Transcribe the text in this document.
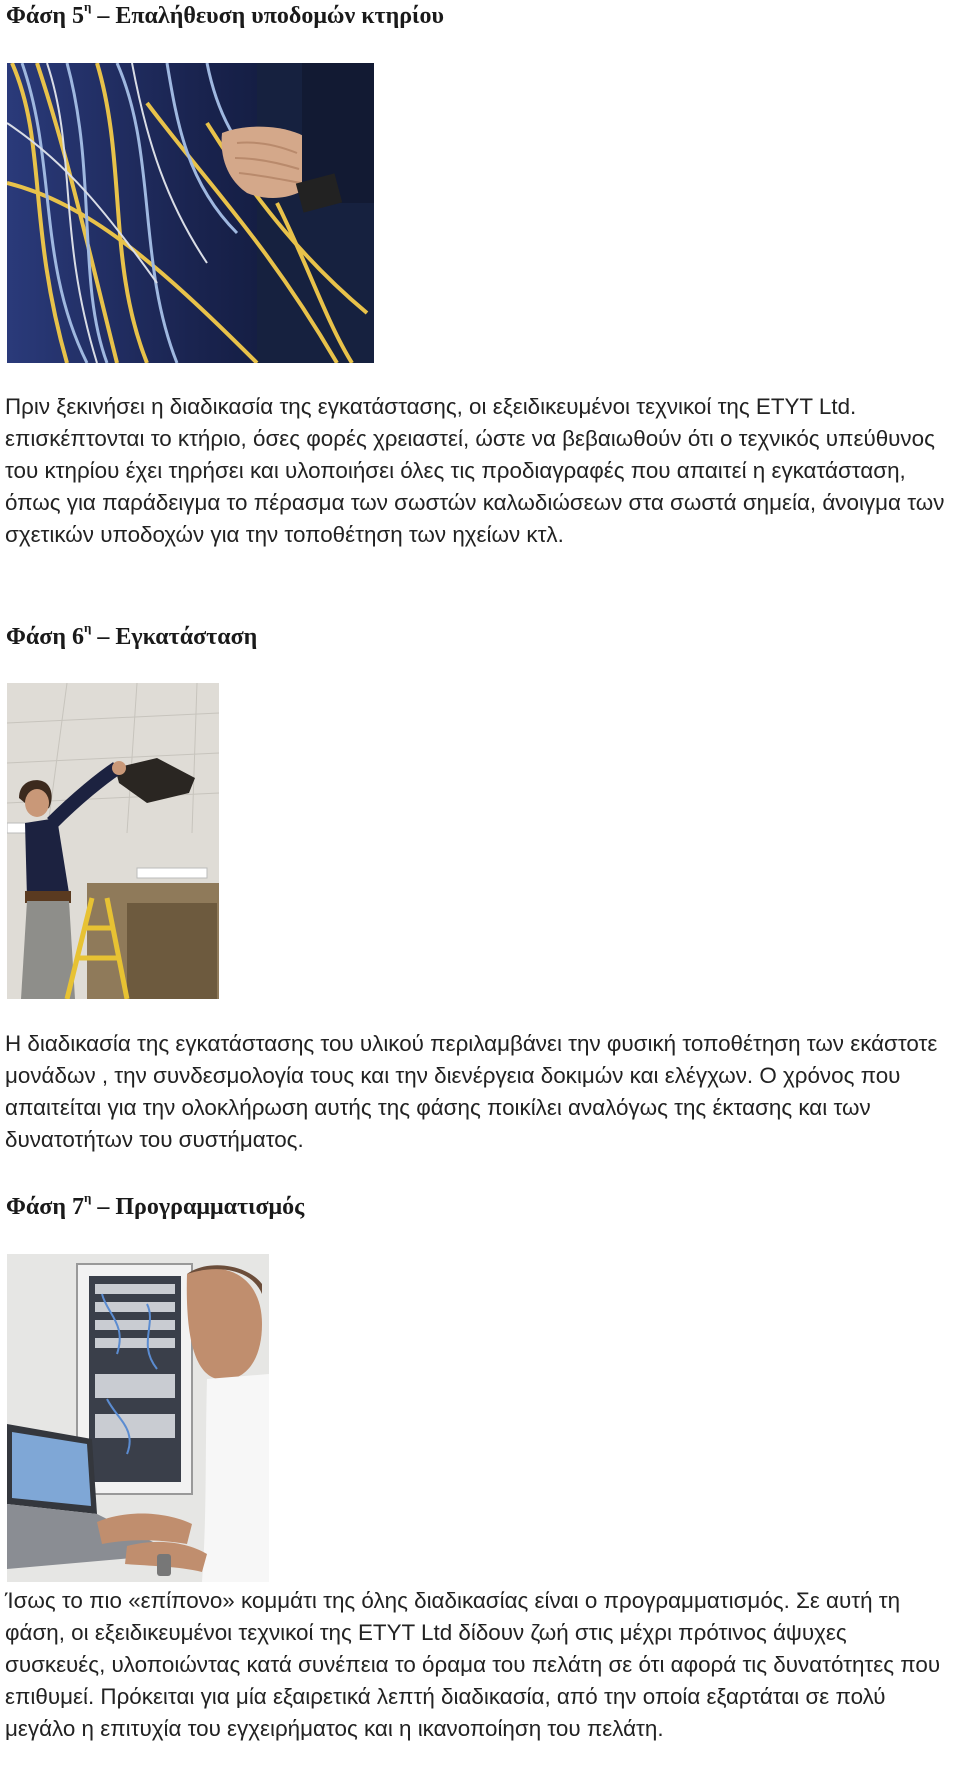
Φάση $5^\eta$ – Επαλήθευση υποδομών κτηρίου

Πριν ξεκινήσει η διαδικασία της εγκατάστασης, οι εξειδικευμένοι τεχνικοί της ETYT Ltd. επισκέπτονται το κτήριο, όσες φορές χρειαστεί, ώστε να βεβαιωθούν ότι ο τεχνικός υπεύθυνος του κτηρίου έχει τηρήσει και υλοποιήσει όλες τις προδιαγραφές που απαιτεί η εγκατάσταση, όπως για παράδειγμα το πέρασμα των σωστών καλωδιώσεων στα σωστά σημεία, άνοιγμα των σχετικών υποδοχών για την τοποθέτηση των ηχείων κτλ.

Φάση $6^\eta$ – Εγκατάσταση

Η διαδικασία της εγκατάστασης του υλικού περιλαμβάνει την φυσική τοποθέτηση των εκάστοτε μονάδων , την συνδεσμολογία τους και την διενέργεια δοκιμών και ελέγχων. Ο χρόνος που απαιτείται για την ολοκλήρωση αυτής της φάσης ποικίλει αναλόγως της έκτασης και των δυνατοτήτων του συστήματος.

Φάση $7^\eta$ – Προγραμματισμός

Ίσως το πιο «επίπονο» κομμάτι της όλης διαδικασίας είναι ο προγραμματισμός. Σε αυτή τη φάση, οι εξειδικευμένοι τεχνικοί της ETYT Ltd δίδουν ζωή στις μέχρι πρότινος άψυχες συσκευές, υλοποιώντας κατά συνέπεια το όραμα του πελάτη σε ότι αφορά τις δυνατότητες που επιθυμεί. Πρόκειται για μία εξαιρετικά λεπτή διαδικασία, από την οποία εξαρτάται σε πολύ μεγάλο η επιτυχία του εγχειρήματος και η ικανοποίηση του πελάτη.
